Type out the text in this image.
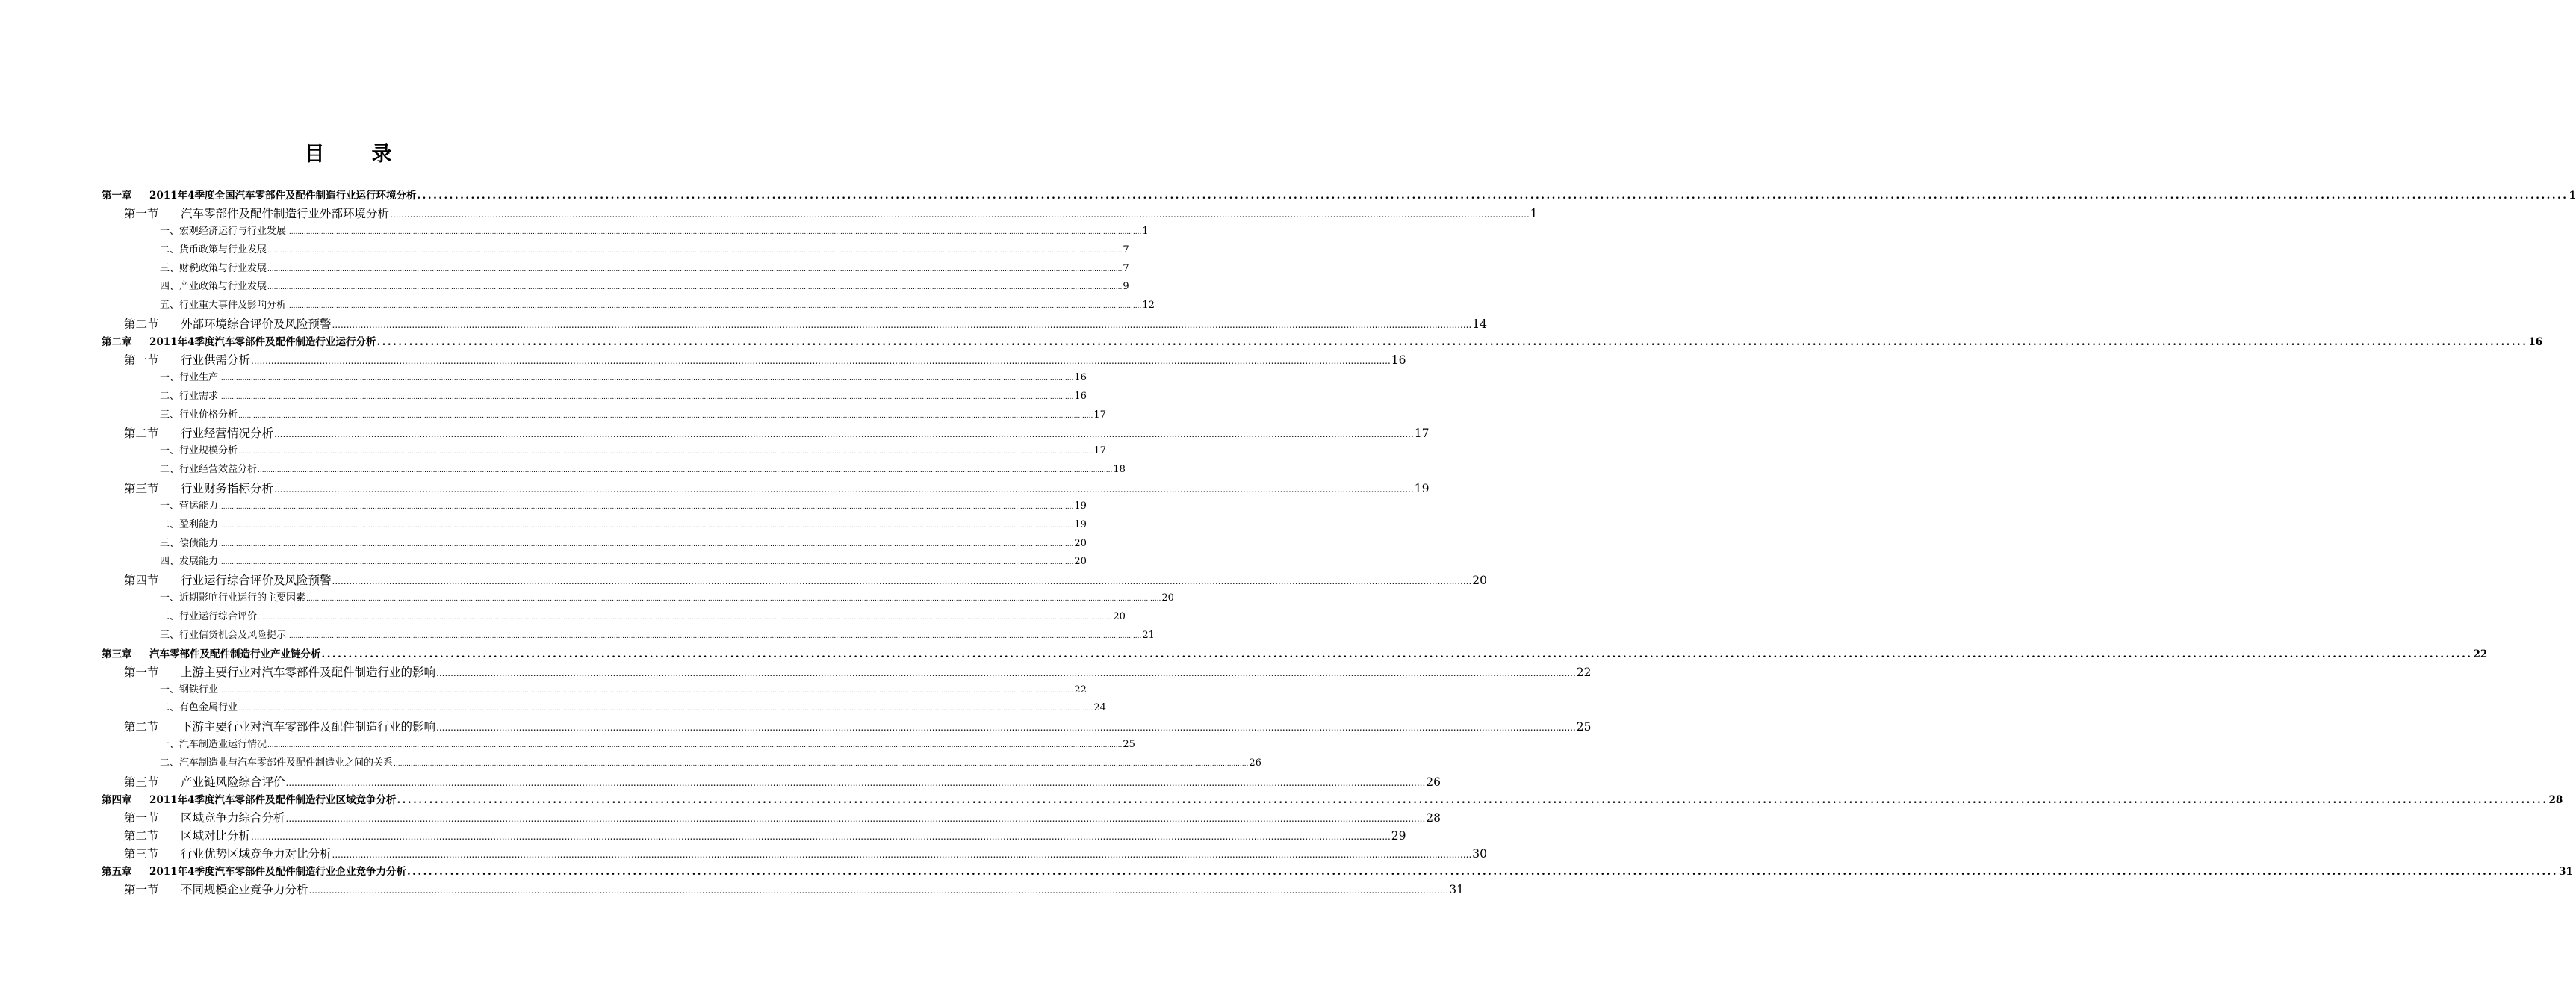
目　录
第一章 2011年4季度全国汽车零部件及配件制造行业运行环境分析 ................................................................................................................................................................................................................................................................................................................................................................................................................ 1
第一节 汽车零部件及配件制造行业外部环境分析 ................................................................................................................................................................................................................................................................................................................................................................................................................ 1
一、宏观经济运行与行业发展 ................................................................................................................................................................................................................................................................................................................................................................................................................ 1
二、货币政策与行业发展 ................................................................................................................................................................................................................................................................................................................................................................................................................ 7
三、财税政策与行业发展 ................................................................................................................................................................................................................................................................................................................................................................................................................ 7
四、产业政策与行业发展 ................................................................................................................................................................................................................................................................................................................................................................................................................ 9
五、行业重大事件及影响分析 ................................................................................................................................................................................................................................................................................................................................................................................................................ 12
第二节 外部环境综合评价及风险预警 ................................................................................................................................................................................................................................................................................................................................................................................................................ 14
第二章 2011年4季度汽车零部件及配件制造行业运行分析 ................................................................................................................................................................................................................................................................................................................................................................................................................ 16
第一节 行业供需分析 ................................................................................................................................................................................................................................................................................................................................................................................................................ 16
一、行业生产 ................................................................................................................................................................................................................................................................................................................................................................................................................ 16
二、行业需求 ................................................................................................................................................................................................................................................................................................................................................................................................................ 16
三、行业价格分析 ................................................................................................................................................................................................................................................................................................................................................................................................................ 17
第二节 行业经营情况分析 ................................................................................................................................................................................................................................................................................................................................................................................................................ 17
一、行业规模分析 ................................................................................................................................................................................................................................................................................................................................................................................................................ 17
二、行业经营效益分析 ................................................................................................................................................................................................................................................................................................................................................................................................................ 18
第三节 行业财务指标分析 ................................................................................................................................................................................................................................................................................................................................................................................................................ 19
一、营运能力 ................................................................................................................................................................................................................................................................................................................................................................................................................ 19
二、盈利能力 ................................................................................................................................................................................................................................................................................................................................................................................................................ 19
三、偿债能力 ................................................................................................................................................................................................................................................................................................................................................................................................................ 20
四、发展能力 ................................................................................................................................................................................................................................................................................................................................................................................................................ 20
第四节 行业运行综合评价及风险预警 ................................................................................................................................................................................................................................................................................................................................................................................................................ 20
一、近期影响行业运行的主要因素 ................................................................................................................................................................................................................................................................................................................................................................................................................ 20
二、行业运行综合评价 ................................................................................................................................................................................................................................................................................................................................................................................................................ 20
三、行业信贷机会及风险提示 ................................................................................................................................................................................................................................................................................................................................................................................................................ 21
第三章 汽车零部件及配件制造行业产业链分析 ................................................................................................................................................................................................................................................................................................................................................................................................................ 22
第一节 上游主要行业对汽车零部件及配件制造行业的影响 ................................................................................................................................................................................................................................................................................................................................................................................................................ 22
一、钢铁行业 ................................................................................................................................................................................................................................................................................................................................................................................................................ 22
二、有色金属行业 ................................................................................................................................................................................................................................................................................................................................................................................................................ 24
第二节 下游主要行业对汽车零部件及配件制造行业的影响 ................................................................................................................................................................................................................................................................................................................................................................................................................ 25
一、汽车制造业运行情况 ................................................................................................................................................................................................................................................................................................................................................................................................................ 25
二、汽车制造业与汽车零部件及配件制造业之间的关系 ................................................................................................................................................................................................................................................................................................................................................................................................................ 26
第三节 产业链风险综合评价 ................................................................................................................................................................................................................................................................................................................................................................................................................ 26
第四章 2011年4季度汽车零部件及配件制造行业区域竞争分析 ................................................................................................................................................................................................................................................................................................................................................................................................................ 28
第一节 区域竞争力综合分析 ................................................................................................................................................................................................................................................................................................................................................................................................................ 28
第二节 区域对比分析 ................................................................................................................................................................................................................................................................................................................................................................................................................ 29
第三节 行业优势区域竞争力对比分析 ................................................................................................................................................................................................................................................................................................................................................................................................................ 30
第五章 2011年4季度汽车零部件及配件制造行业企业竞争力分析 ................................................................................................................................................................................................................................................................................................................................................................................................................ 31
第一节 不同规模企业竞争力分析 ................................................................................................................................................................................................................................................................................................................................................................................................................ 31
